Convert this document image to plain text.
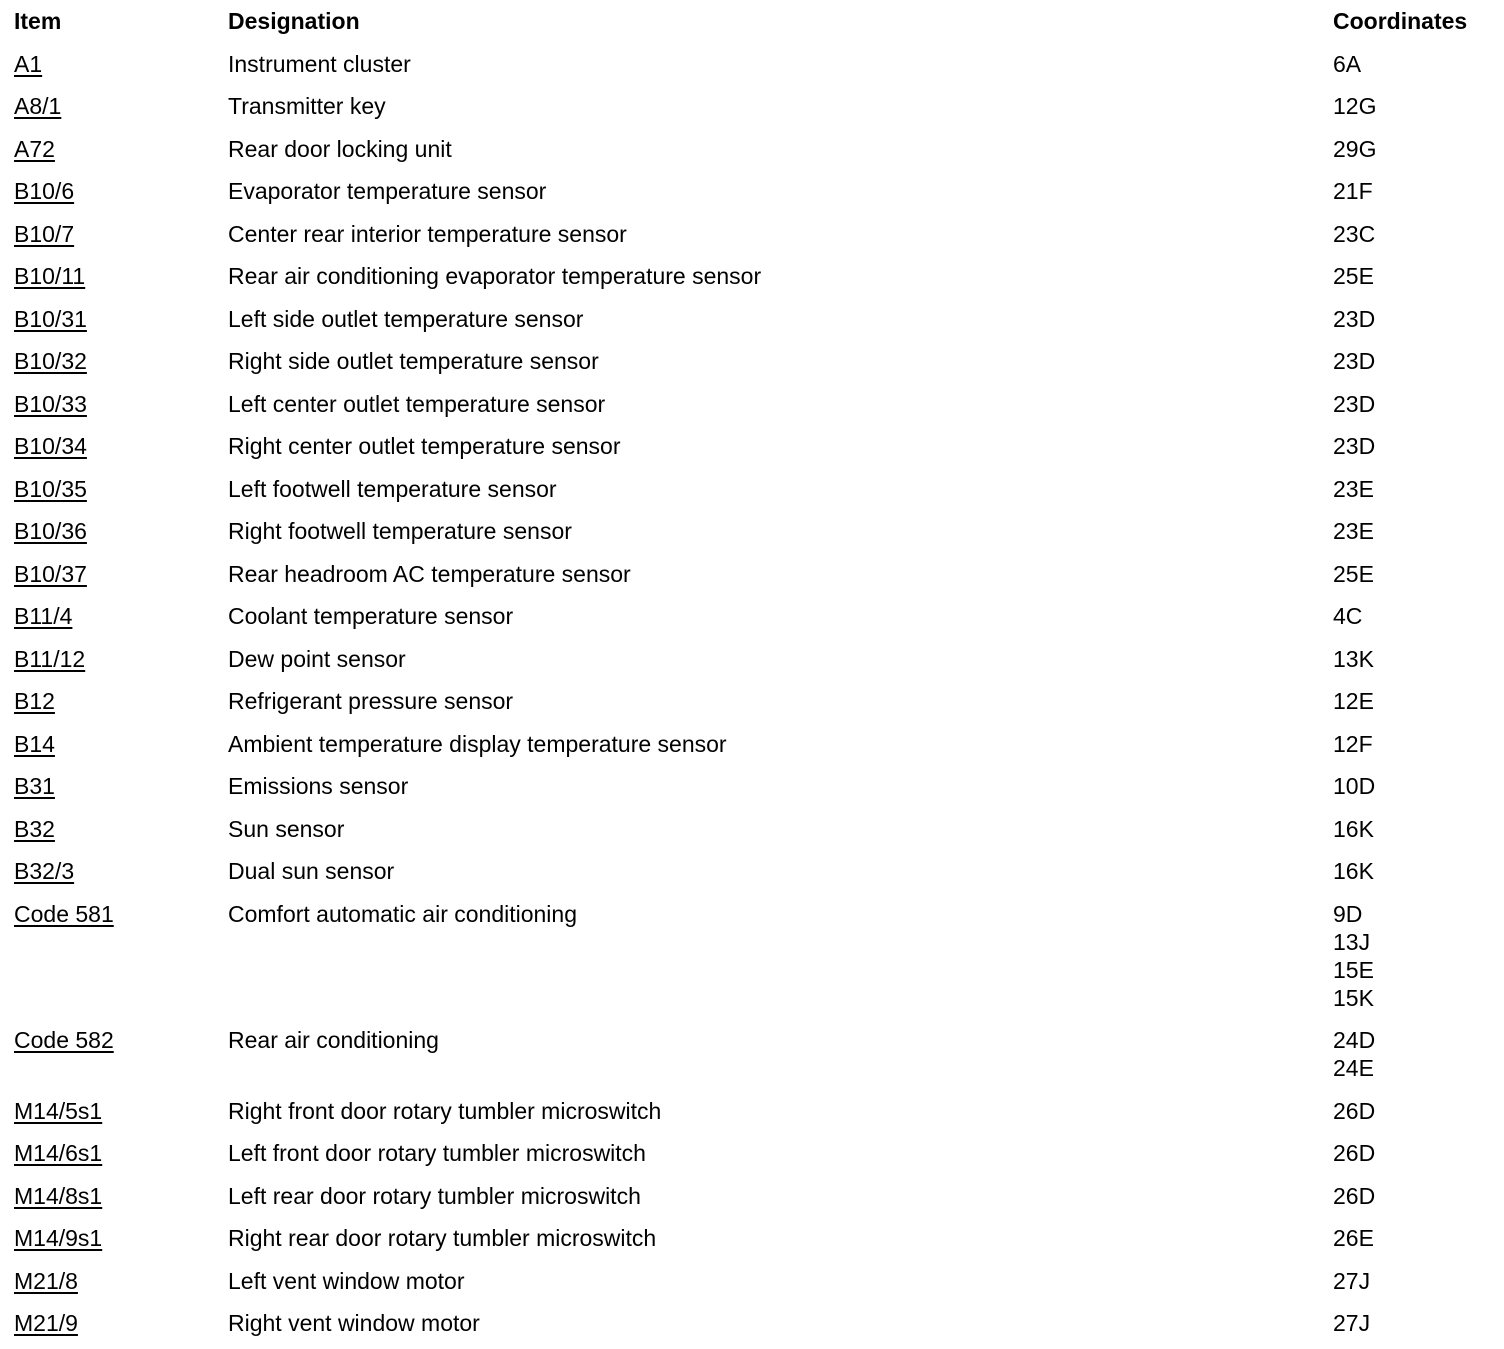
Item	Designation	Coordinates
A1	Instrument cluster	6A
A8/1	Transmitter key	12G
A72	Rear door locking unit	29G
B10/6	Evaporator temperature sensor	21F
B10/7	Center rear interior temperature sensor	23C
B10/11	Rear air conditioning evaporator temperature sensor	25E
B10/31	Left side outlet temperature sensor	23D
B10/32	Right side outlet temperature sensor	23D
B10/33	Left center outlet temperature sensor	23D
B10/34	Right center outlet temperature sensor	23D
B10/35	Left footwell temperature sensor	23E
B10/36	Right footwell temperature sensor	23E
B10/37	Rear headroom AC temperature sensor	25E
B11/4	Coolant temperature sensor	4C
B11/12	Dew point sensor	13K
B12	Refrigerant pressure sensor	12E
B14	Ambient temperature display temperature sensor	12F
B31	Emissions sensor	10D
B32	Sun sensor	16K
B32/3	Dual sun sensor	16K
Code 581	Comfort automatic air conditioning	9D
13J
15E
15K
Code 582	Rear air conditioning	24D
24E
M14/5s1	Right front door rotary tumbler microswitch	26D
M14/6s1	Left front door rotary tumbler microswitch	26D
M14/8s1	Left rear door rotary tumbler microswitch	26D
M14/9s1	Right rear door rotary tumbler microswitch	26E
M21/8	Left vent window motor	27J
M21/9	Right vent window motor	27J
